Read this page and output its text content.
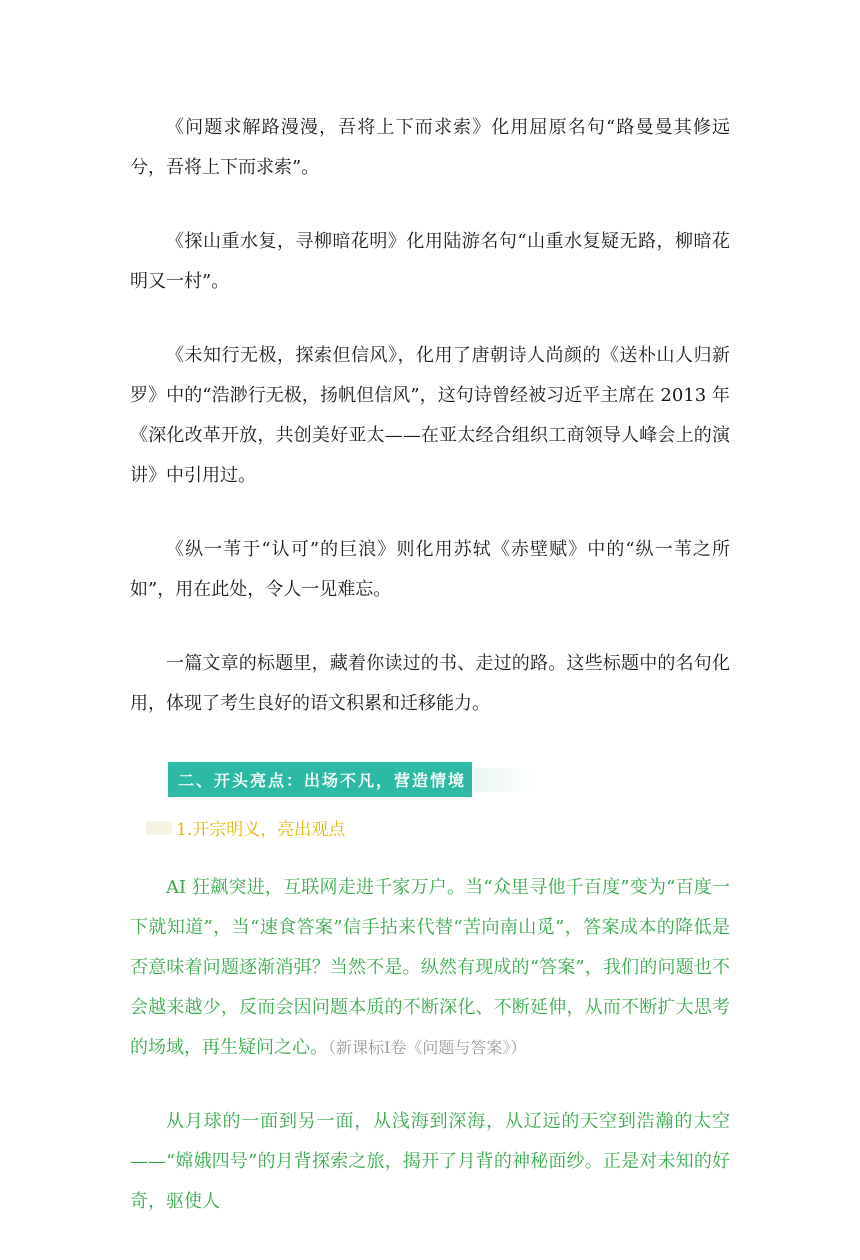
《问题求解路漫漫，吾将上下而求索》化用屈原名句“路曼曼其修远兮，吾将上下而求索”。

《探山重水复，寻柳暗花明》化用陆游名句“山重水复疑无路，柳暗花明又一村”。

《未知行无极，探索但信风》，化用了唐朝诗人尚颜的《送朴山人归新罗》中的“浩渺行无极，扬帆但信风”，这句诗曾经被习近平主席在 2013 年《深化改革开放，共创美好亚太——在亚太经合组织工商领导人峰会上的演讲》中引用过。

《纵一苇于“认可”的巨浪》则化用苏轼《赤壁赋》中的“纵一苇之所如”，用在此处，令人一见难忘。

一篇文章的标题里，藏着你读过的书、走过的路。这些标题中的名句化用，体现了考生良好的语文积累和迁移能力。

二、开头亮点：出场不凡，营造情境
1.开宗明义，亮出观点

AI 狂飙突进，互联网走进千家万户。当“众里寻他千百度”变为“百度一下就知道”，当“速食答案”信手拈来代替“苦向南山觅”，答案成本的降低是否意味着问题逐渐消弭？当然不是。纵然有现成的“答案”，我们的问题也不会越来越少，反而会因问题本质的不断深化、不断延伸，从而不断扩大思考的场域，再生疑问之心。（新课标Ⅰ卷《问题与答案》）

从月球的一面到另一面，从浅海到深海，从辽远的天空到浩瀚的太空——“嫦娥四号”的月背探索之旅，揭开了月背的神秘面纱。正是对未知的好奇，驱使人
